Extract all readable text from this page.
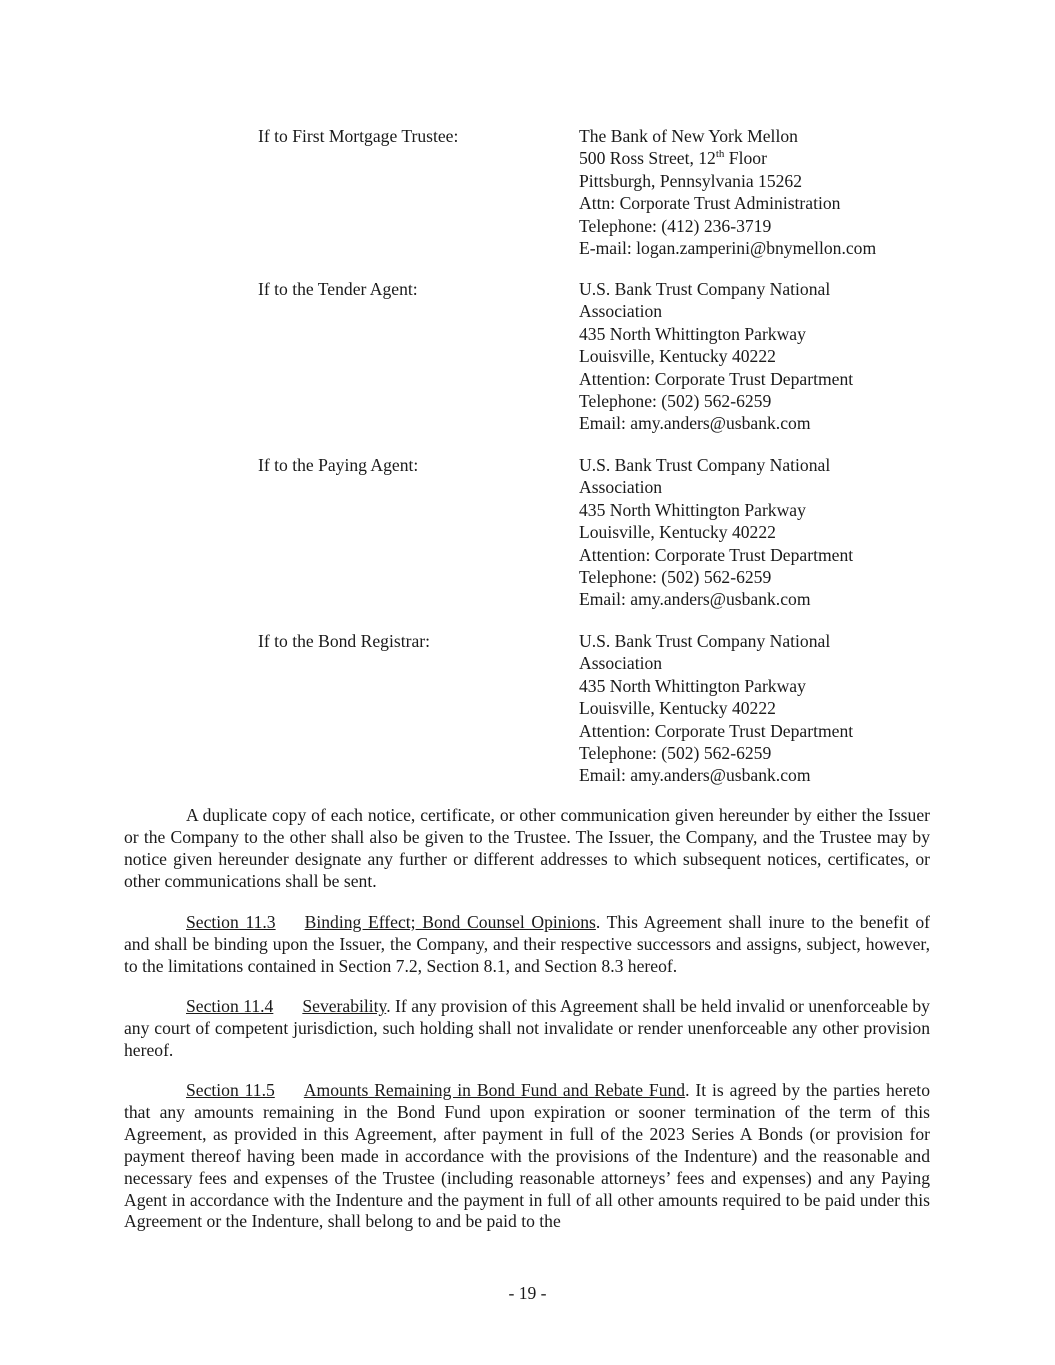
If to First Mortgage Trustee:	The Bank of New York Mellon
500 Ross Street, 12th Floor
Pittsburgh, Pennsylvania 15262
Attn: Corporate Trust Administration
Telephone: (412) 236-3719
E-mail: logan.zamperini@bnymellon.com
If to the Tender Agent:	U.S. Bank Trust Company National
Association
435 North Whittington Parkway
Louisville, Kentucky 40222
Attention: Corporate Trust Department
Telephone: (502) 562-6259
Email: amy.anders@usbank.com
If to the Paying Agent:	U.S. Bank Trust Company National
Association
435 North Whittington Parkway
Louisville, Kentucky 40222
Attention: Corporate Trust Department
Telephone: (502) 562-6259
Email: amy.anders@usbank.com
If to the Bond Registrar:	U.S. Bank Trust Company National
Association
435 North Whittington Parkway
Louisville, Kentucky 40222
Attention: Corporate Trust Department
Telephone: (502) 562-6259
Email: amy.anders@usbank.com

A duplicate copy of each notice, certificate, or other communication given hereunder by either the Issuer or the Company to the other shall also be given to the Trustee. The Issuer, the Company, and the Trustee may by notice given hereunder designate any further or different addresses to which subsequent notices, certificates, or other communications shall be sent.

Section 11.3 Binding Effect; Bond Counsel Opinions. This Agreement shall inure to the benefit of and shall be binding upon the Issuer, the Company, and their respective successors and assigns, subject, however, to the limitations contained in Section 7.2, Section 8.1, and Section 8.3 hereof.

Section 11.4 Severability. If any provision of this Agreement shall be held invalid or unenforceable by any court of competent jurisdiction, such holding shall not invalidate or render unenforceable any other provision hereof.

Section 11.5 Amounts Remaining in Bond Fund and Rebate Fund. It is agreed by the parties hereto that any amounts remaining in the Bond Fund upon expiration or sooner termination of the term of this Agreement, as provided in this Agreement, after payment in full of the 2023 Series A Bonds (or provision for payment thereof having been made in accordance with the provisions of the Indenture) and the reasonable and necessary fees and expenses of the Trustee (including reasonable attorneys’ fees and expenses) and any Paying Agent in accordance with the Indenture and the payment in full of all other amounts required to be paid under this Agreement or the Indenture, shall belong to and be paid to the

- 19 -
